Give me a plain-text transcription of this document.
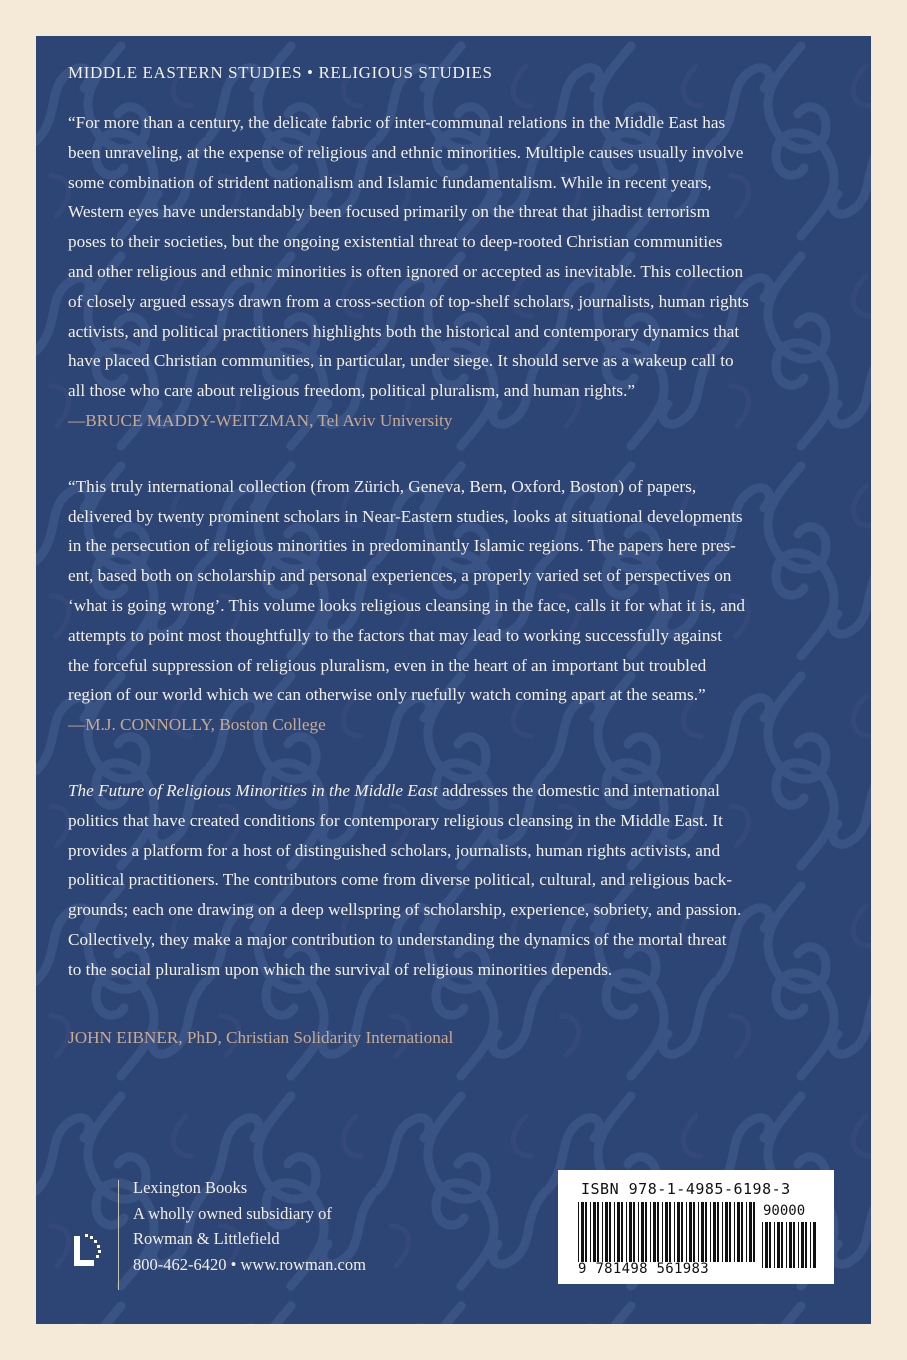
MIDDLE EASTERN STUDIES • RELIGIOUS STUDIES

“For more than a century, the delicate fabric of inter-communal relations in the Middle East has

been unraveling, at the expense of religious and ethnic minorities. Multiple causes usually involve

some combination of strident nationalism and Islamic fundamentalism. While in recent years,

Western eyes have understandably been focused primarily on the threat that jihadist terrorism

poses to their societies, but the ongoing existential threat to deep-rooted Christian communities

and other religious and ethnic minorities is often ignored or accepted as inevitable. This collection

of closely argued essays drawn from a cross-section of top-shelf scholars, journalists, human rights

activists, and political practitioners highlights both the historical and contemporary dynamics that

have placed Christian communities, in particular, under siege. It should serve as a wakeup call to

all those who care about religious freedom, political pluralism, and human rights.”

—BRUCE MADDY-WEITZMAN, Tel Aviv University

“This truly international collection (from Zürich, Geneva, Bern, Oxford, Boston) of papers,

delivered by twenty prominent scholars in Near-Eastern studies, looks at situational developments

in the persecution of religious minorities in predominantly Islamic regions. The papers here pres-

ent, based both on scholarship and personal experiences, a properly varied set of perspectives on

‘what is going wrong’. This volume looks religious cleansing in the face, calls it for what it is, and

attempts to point most thoughtfully to the factors that may lead to working successfully against

the forceful suppression of religious pluralism, even in the heart of an important but troubled

region of our world which we can otherwise only ruefully watch coming apart at the seams.”

—M.J. CONNOLLY, Boston College

The Future of Religious Minorities in the Middle East addresses the domestic and international

politics that have created conditions for contemporary religious cleansing in the Middle East. It

provides a platform for a host of distinguished scholars, journalists, human rights activists, and

political practitioners. The contributors come from diverse political, cultural, and religious back-

grounds; each one drawing on a deep wellspring of scholarship, experience, sobriety, and passion.

Collectively, they make a major contribution to understanding the dynamics of the mortal threat

to the social pluralism upon which the survival of religious minorities depends.

JOHN EIBNER, PhD, Christian Solidarity International

Lexington Books
A wholly owned subsidiary of
Rowman & Littlefield
800-462-6420 • www.rowman.com
ISBN 978-1-4985-6198-3
90000
9 781498 561983
